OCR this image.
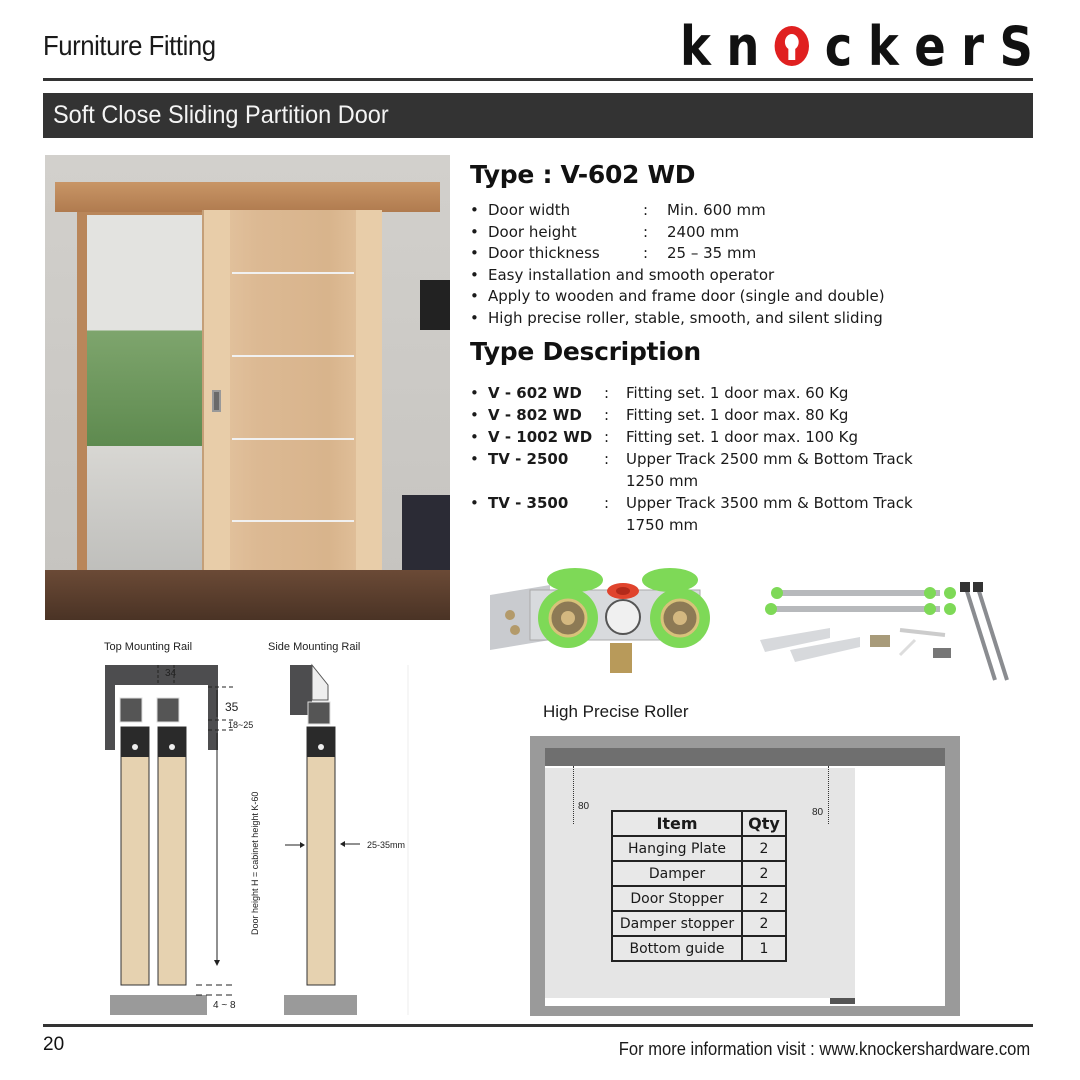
Furniture Fitting	k n c k e r S
Soft Close Sliding Partition Door
Type : V-602 WD
• Door width	: Min. 600 mm
• Door height	: 2400 mm
• Door thickness	: 25 – 35 mm
• Easy installation and smooth operator
• Apply to wooden and frame door (single and double)
• High precise roller, stable, smooth, and silent sliding
Type Description
• V - 602 WD	:	Fitting set. 1 door max. 60 Kg
• V - 802 WD	:	Fitting set. 1 door max. 80 Kg
• V - 1002 WD :	Fitting set. 1 door max. 100 Kg
• TV - 2500	:	Upper Track 2500 mm & Bottom Track 1250 mm
• TV - 3500	:	Upper Track 3500 mm & Bottom Track 1750 mm
High Precise Roller
Top Mounting Rail	Side Mounting Rail
34
35
18~25
Door height H = cabinet height K-60
4 ~ 8
25-35mm
80
80
Item	Qty
Hanging Plate	2
Damper	2
Door Stopper	2
Damper stopper	2
Bottom guide	1
20	For more information visit : www.knockershardware.com
